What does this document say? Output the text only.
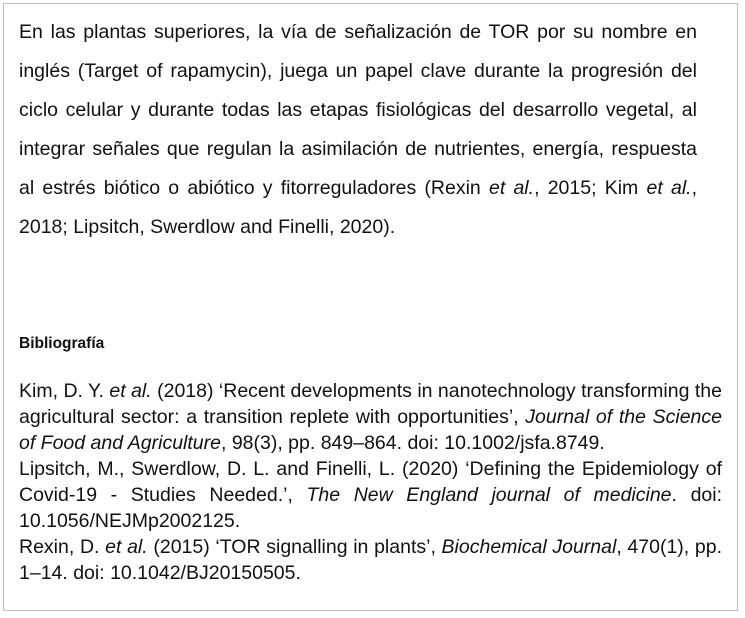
En las plantas superiores, la vía de señalización de TOR por su nombre en inglés (Target of rapamycin), juega un papel clave durante la progresión del ciclo celular y durante todas las etapas fisiológicas del desarrollo vegetal, al integrar señales que regulan la asimilación de nutrientes, energía, respuesta al estrés biótico o abiótico y fitorreguladores (Rexin et al., 2015; Kim et al., 2018; Lipsitch, Swerdlow and Finelli, 2020).

Bibliografía

Kim, D. Y. et al. (2018) ‘Recent developments in nanotechnology transforming the agricultural sector: a transition replete with opportunities’, Journal of the Science of Food and Agriculture, 98(3), pp. 849–864. doi: 10.1002/jsfa.8749.

Lipsitch, M., Swerdlow, D. L. and Finelli, L. (2020) ‘Defining the Epidemiology of Covid-19 - Studies Needed.’, The New England journal of medicine. doi: 10.1056/NEJMp2002125.

Rexin, D. et al. (2015) ‘TOR signalling in plants’, Biochemical Journal, 470(1), pp. 1–14. doi: 10.1042/BJ20150505.
